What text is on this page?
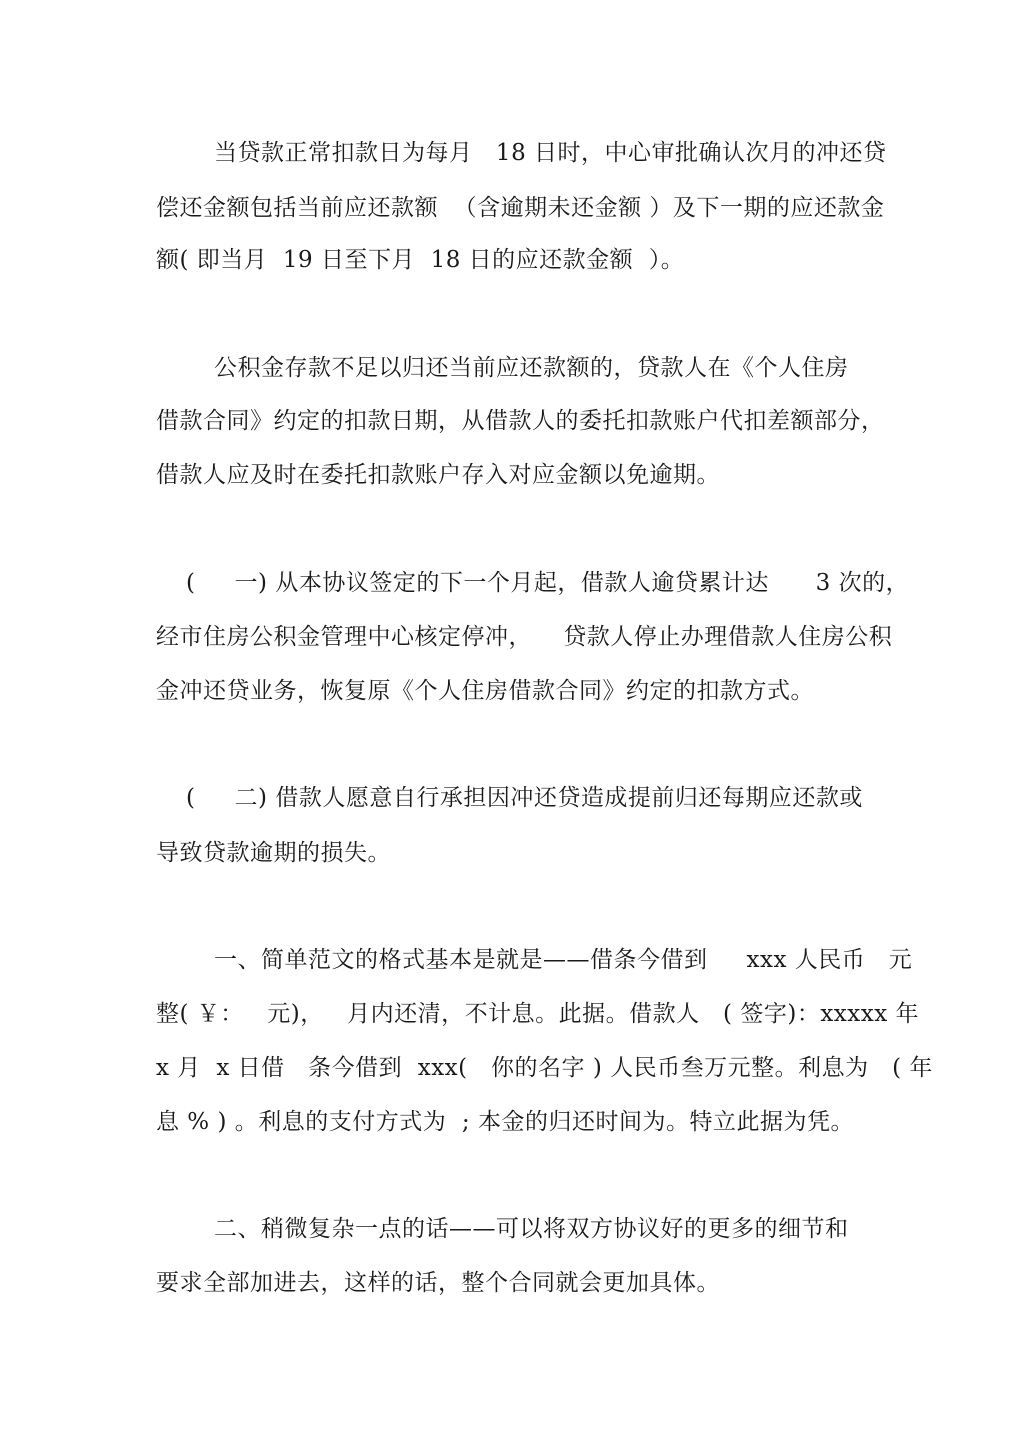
当贷款正常扣款日为每月   18 日时，中心审批确认次月的冲还贷
偿还金额包括当前应还款额  （含逾期未还金额 ）及下一期的应还款金
额( 即当月  19 日至下月  18 日的应还款金额  ）。
公积金存款不足以归还当前应还款额的，贷款人在《个人住房
借款合同》约定的扣款日期，从借款人的委托扣款账户代扣差额部分，
借款人应及时在委托扣款账户存入对应金额以免逾期。
(     一) 从本协议签定的下一个月起，借款人逾贷累计达      3 次的，
经市住房公积金管理中心核定停冲，    贷款人停止办理借款人住房公积
金冲还贷业务，恢复原《个人住房借款合同》约定的扣款方式。
(     二) 借款人愿意自行承担因冲还贷造成提前归还每期应还款或
导致贷款逾期的损失。
一、简单范文的格式基本是就是——借条今借到     xxx 人民币   元
整( ￥：   元)，   月内还清，不计息。此据。借款人   ( 签字)：xxxxx 年
x 月  x 日借   条今借到  xxx(   你的名字 ) 人民币叁万元整。利息为   ( 年
息 % ) 。利息的支付方式为  ; 本金的归还时间为。特立此据为凭。
二、稍微复杂一点的话——可以将双方协议好的更多的细节和
要求全部加进去，这样的话，整个合同就会更加具体。
